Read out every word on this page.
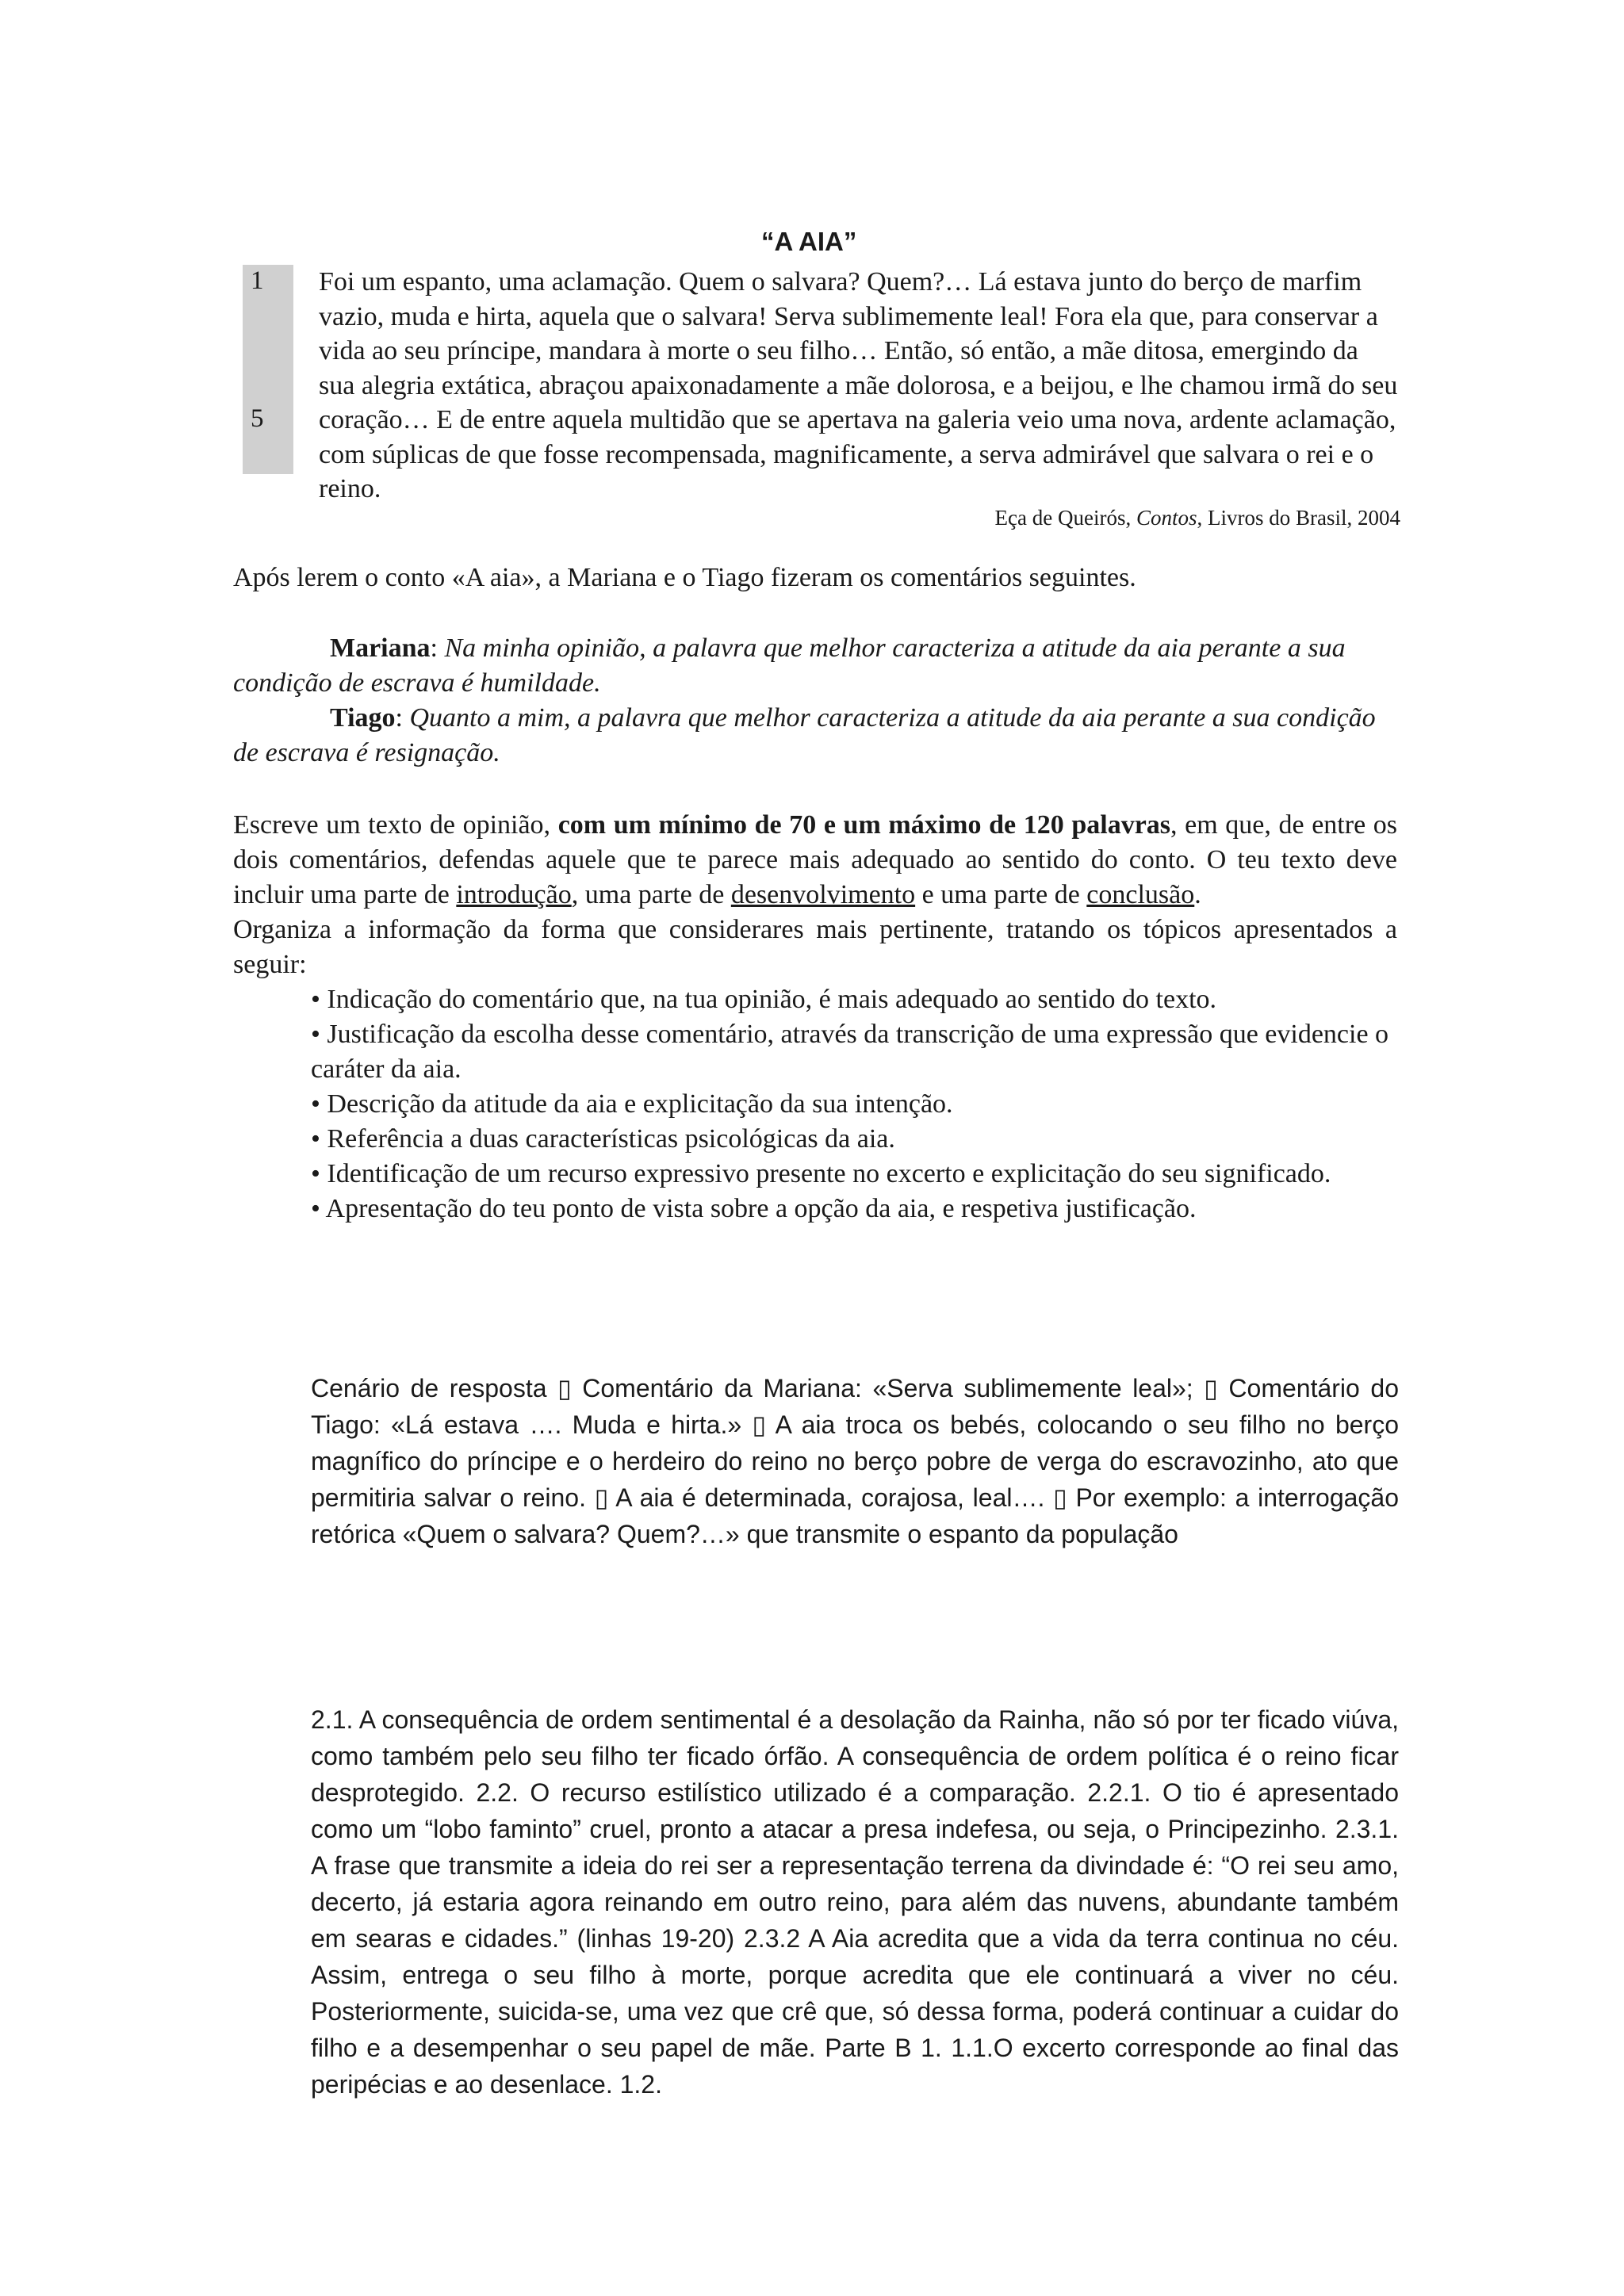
“A AIA”
1
5
Foi um espanto, uma aclamação. Quem o salvara? Quem?… Lá estava junto do berço de marfim vazio, muda e hirta, aquela que o salvara! Serva sublimemente leal! Fora ela que, para conservar a vida ao seu príncipe, mandara à morte o seu filho… Então, só então, a mãe ditosa, emergindo da sua alegria extática, abraçou apaixonadamente a mãe dolorosa, e a beijou, e lhe chamou irmã do seu coração… E de entre aquela multidão que se apertava na galeria veio uma nova, ardente aclamação, com súplicas de que fosse recompensada, magnificamente, a serva admirável que salvara o rei e o reino.
Eça de Queirós, Contos, Livros do Brasil, 2004
Após lerem o conto «A aia», a Mariana e o Tiago fizeram os comentários seguintes.

Mariana: Na minha opinião, a palavra que melhor caracteriza a atitude da aia perante a sua condição de escrava é humildade.

Tiago: Quanto a mim, a palavra que melhor caracteriza a atitude da aia perante a sua condição de escrava é resignação.

Escreve um texto de opinião, com um mínimo de 70 e um máximo de 120 palavras, em que, de entre os dois comentários, defendas aquele que te parece mais adequado ao sentido do conto. O teu texto deve incluir uma parte de introdução, uma parte de desenvolvimento e uma parte de conclusão.

Organiza a informação da forma que considerares mais pertinente, tratando os tópicos apresentados a seguir:

• Indicação do comentário que, na tua opinião, é mais adequado ao sentido do texto.
• Justificação da escolha desse comentário, através da transcrição de uma expressão que evidencie o caráter da aia.
• Descrição da atitude da aia e explicitação da sua intenção.
• Referência a duas características psicológicas da aia.
• Identificação de um recurso expressivo presente no excerto e explicitação do seu significado.
• Apresentação do teu ponto de vista sobre a opção da aia, e respetiva justificação.

Cenário de resposta ▯ Comentário da Mariana: «Serva sublimemente leal»; ▯ Comentário do Tiago: «Lá estava …. Muda e hirta.» ▯ A aia troca os bebés, colocando o seu filho no berço magnífico do príncipe e o herdeiro do reino no berço pobre de verga do escravozinho, ato que permitiria salvar o reino. ▯ A aia é determinada, corajosa, leal…. ▯ Por exemplo: a interrogação retórica «Quem o salvara? Quem?…» que transmite o espanto da população

2.1. A consequência de ordem sentimental é a desolação da Rainha, não só por ter ficado viúva, como também pelo seu filho ter ficado órfão. A consequência de ordem política é o reino ficar desprotegido. 2.2. O recurso estilístico utilizado é a comparação. 2.2.1. O tio é apresentado como um “lobo faminto” cruel, pronto a atacar a presa indefesa, ou seja, o Principezinho. 2.3.1. A frase que transmite a ideia do rei ser a representação terrena da divindade é: “O rei seu amo, decerto, já estaria agora reinando em outro reino, para além das nuvens, abundante também em searas e cidades.” (linhas 19-20) 2.3.2 A Aia acredita que a vida da terra continua no céu. Assim, entrega o seu filho à morte, porque acredita que ele continuará a viver no céu. Posteriormente, suicida-se, uma vez que crê que, só dessa forma, poderá continuar a cuidar do filho e a desempenhar o seu papel de mãe. Parte B 1. 1.1.O excerto corresponde ao final das peripécias e ao desenlace. 1.2.
